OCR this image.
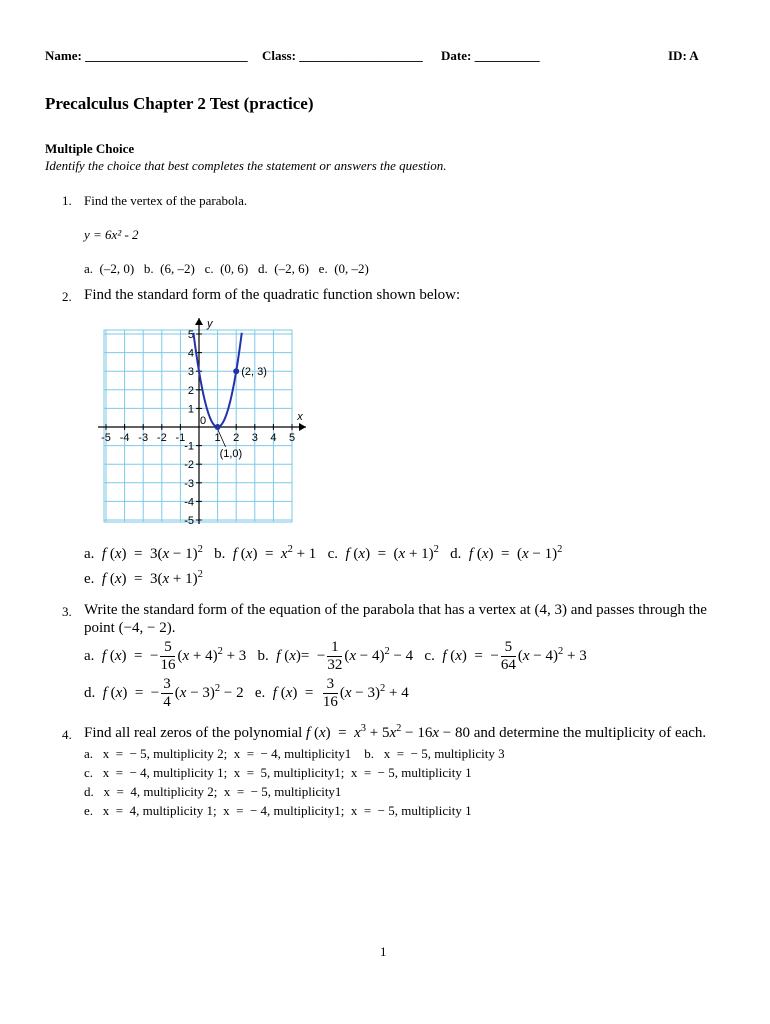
Name: _________________________ Class: ___________________ Date: __________	ID: A
Precalculus Chapter 2 Test (practice)
Multiple Choice
Identify the choice that best completes the statement or answers the question.
1. Find the vertex of the parabola.
y = 6x² - 2
a.  (–2, 0)   b.  (6, –2)   c.  (0, 6)   d.  (–2, 6)   e.  (0, –2)
2. Find the standard form of the quadratic function shown below:
-5 -4 -3 -2 -1
0
1 2 3 4 5
5
4
3
2
1
-1
-2
-3
-4
-5
x
y
(2, 3)
(1,0)
a. f $(x) = 3(x - 1)^2$ b. f $(x) = x^2 + 1$   c. f $(x) = (x + 1)^2$ d. f $(x) = (x - 1)^2$
e. f $(x) = 3(x + 1)^2$
3. Write the standard form of the equation of the parabola that has a vertex at (4, 3) and passes through the
point (−4, − 2).
a.  f (x)  =  − $\frac{5}{16} (x + 4)^2 + 3$   b.  f $(x)= - \frac{1}{32} (x - 4)^2 - 4$   c.  f (x)  =  − $\frac{5}{64} (x - 4)^2 + 3$
d.  f (x)  =  − $\frac{3}{4} (x - 3)^2 - 2$   e.  f $(x) = \frac{3}{16} (x - 3)^2 + 4$
4. Find all real zeros of the polynomial f $(x) = x^3 + 5x^2 - 16x - 80$ and determine the multiplicity of each.
a.   x  =  − 5, multiplicity 2;  x  =  − 4, multiplicity1    b.   x  =  − 5, multiplicity 3
c.   x  =  − 4, multiplicity 1;  x  =  5, multiplicity1;  x  =  − 5, multiplicity 1
d.   x  =  4, multiplicity 2;  x  =  − 5, multiplicity1
e.   x  =  4, multiplicity 1;  x  =  − 4, multiplicity1;  x  =  − 5, multiplicity 1
1
